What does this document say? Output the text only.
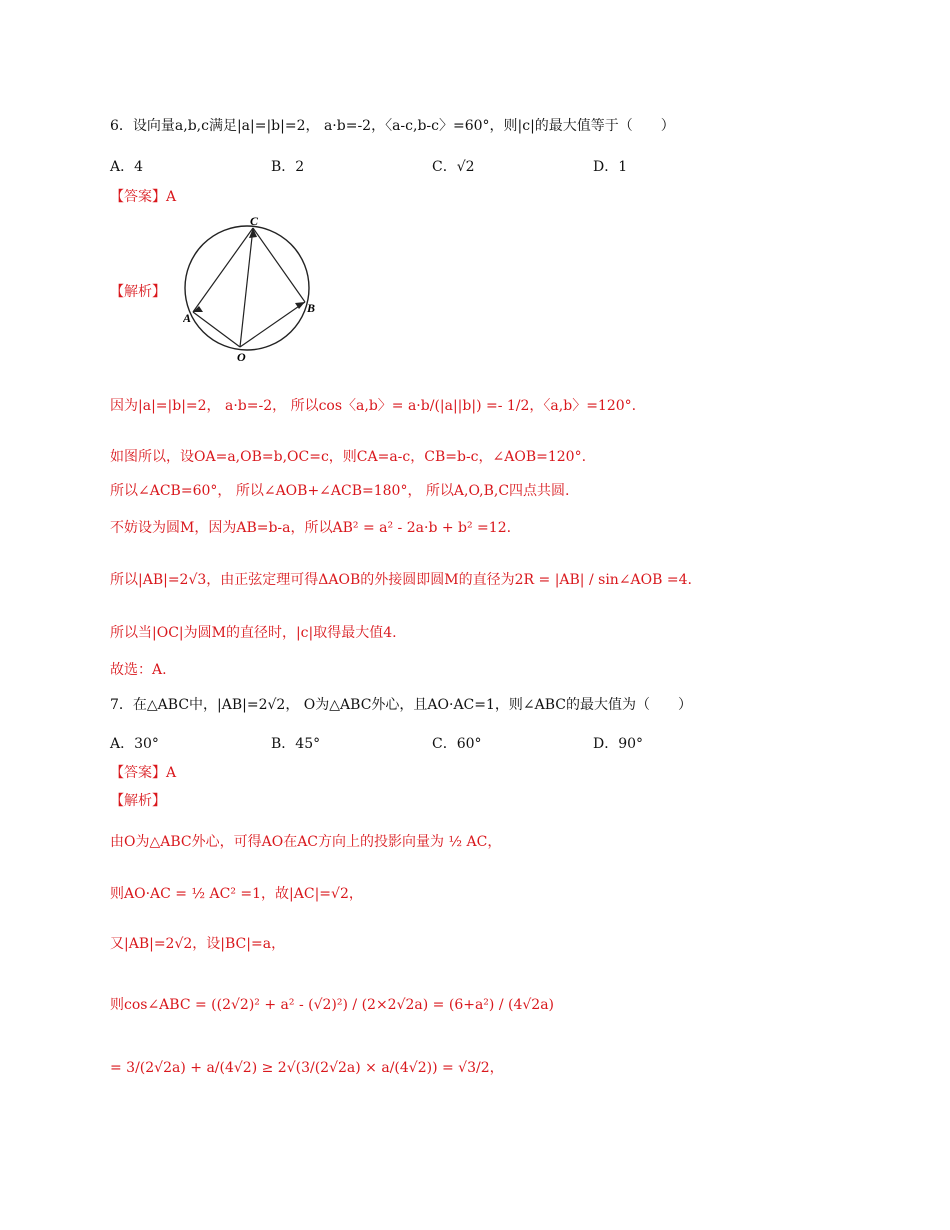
6．设向量a,b,c满足|a|=|b|=2， a·b=-2，〈a-c,b-c〉=60°，则|c|的最大值等于（　　）
A．4	B．2	C．√2	D．1
【答案】A
【解析】
C
A
B
O
因为|a|=|b|=2， a·b=-2， 所以cos〈a,b〉= a·b/(|a||b|) =- 1/2，〈a,b〉=120°.
如图所以，设OA=a,OB=b,OC=c，则CA=a-c，CB=b-c，∠AOB=120°.
所以∠ACB=60°， 所以∠AOB+∠ACB=180°， 所以A,O,B,C四点共圆.
不妨设为圆M，因为AB=b-a，所以AB² = a² - 2a·b + b² =12.
所以|AB|=2√3，由正弦定理可得ΔAOB的外接圆即圆M的直径为2R = |AB| / sin∠AOB =4.
所以当|OC|为圆M的直径时，|c|取得最大值4.
故选：A.
7．在△ABC中，|AB|=2√2， O为△ABC外心，且AO·AC=1，则∠ABC的最大值为（　　）
A．30°	B．45°	C．60°	D．90°
【答案】A
【解析】
由O为△ABC外心，可得AO在AC方向上的投影向量为 ½ AC，
则AO·AC = ½ AC² =1，故|AC|=√2，
又|AB|=2√2，设|BC|=a，
则cos∠ABC = ((2√2)² + a² - (√2)²) / (2×2√2a) = (6+a²) / (4√2a)
= 3/(2√2a) + a/(4√2) ≥ 2√(3/(2√2a) × a/(4√2)) = √3/2，
